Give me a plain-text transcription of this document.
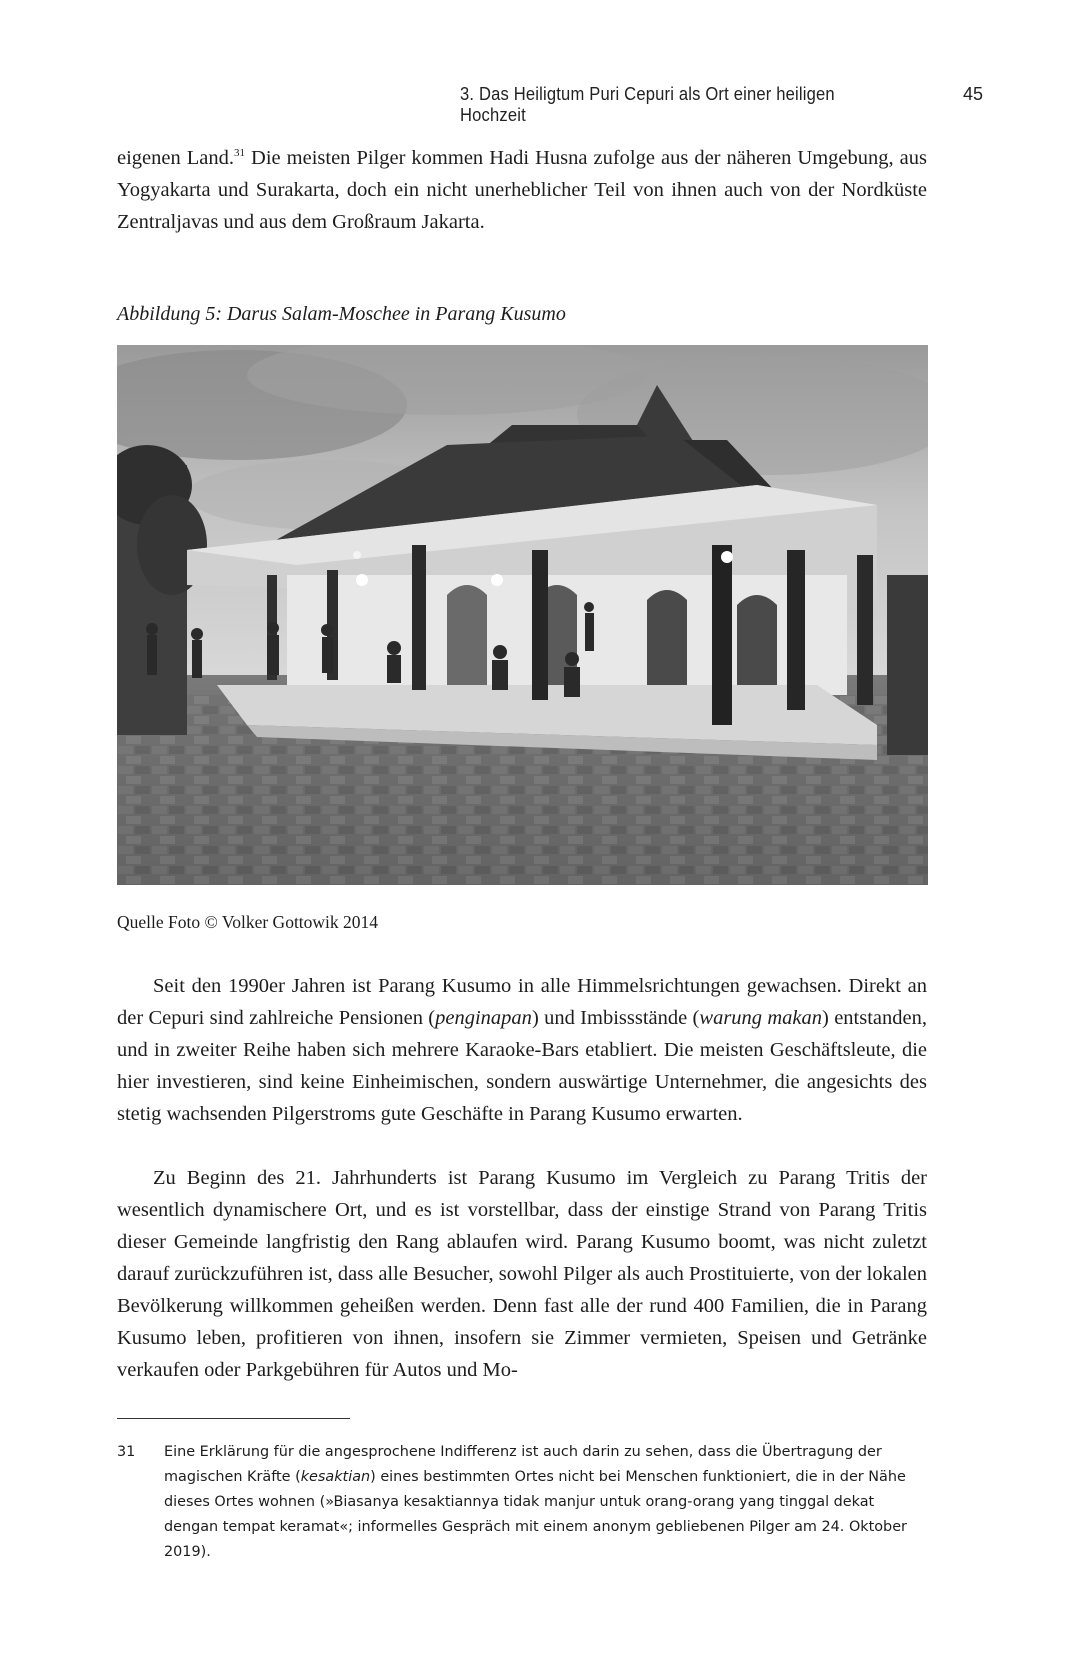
3. Das Heiligtum Puri Cepuri als Ort einer heiligen Hochzeit
45

eigenen Land.$^{31}$ Die meisten Pilger kommen Hadi Husna zufolge aus der näheren Umgebung, aus Yogyakarta und Surakarta, doch ein nicht unerheblicher Teil von ihnen auch von der Nordküste Zentraljavas und aus dem Großraum Jakarta.

Abbildung 5: Darus Salam-Moschee in Parang Kusumo
Quelle Foto © Volker Gottowik 2014

Seit den 1990er Jahren ist Parang Kusumo in alle Himmelsrichtungen gewachsen. Direkt an der Cepuri sind zahlreiche Pensionen (penginapan) und Imbissstände (warung makan) entstanden, und in zweiter Reihe haben sich mehrere Karaoke-Bars etabliert. Die meisten Geschäftsleute, die hier investieren, sind keine Einheimischen, sondern auswärtige Unternehmer, die angesichts des stetig wachsenden Pilgerstroms gute Geschäfte in Parang Kusumo erwarten.

Zu Beginn des 21. Jahrhunderts ist Parang Kusumo im Vergleich zu Parang Tritis der wesentlich dynamischere Ort, und es ist vorstellbar, dass der einstige Strand von Parang Tritis dieser Gemeinde langfristig den Rang ablaufen wird. Parang Kusumo boomt, was nicht zuletzt darauf zurückzuführen ist, dass alle Besucher, sowohl Pilger als auch Prostituierte, von der lokalen Bevölkerung willkommen geheißen werden. Denn fast alle der rund 400 Familien, die in Parang Kusumo leben, profitieren von ihnen, insofern sie Zimmer vermieten, Speisen und Getränke verkaufen oder Parkgebühren für Autos und Mo-

31 Eine Erklärung für die angesprochene Indifferenz ist auch darin zu sehen, dass die Übertragung der magischen Kräfte (kesaktian) eines bestimmten Ortes nicht bei Menschen funktioniert, die in der Nähe dieses Ortes wohnen (»Biasanya kesaktiannya tidak manjur untuk orang-orang yang tinggal dekat dengan tempat keramat«; informelles Gespräch mit einem anonym gebliebenen Pilger am 24. Oktober 2019).
